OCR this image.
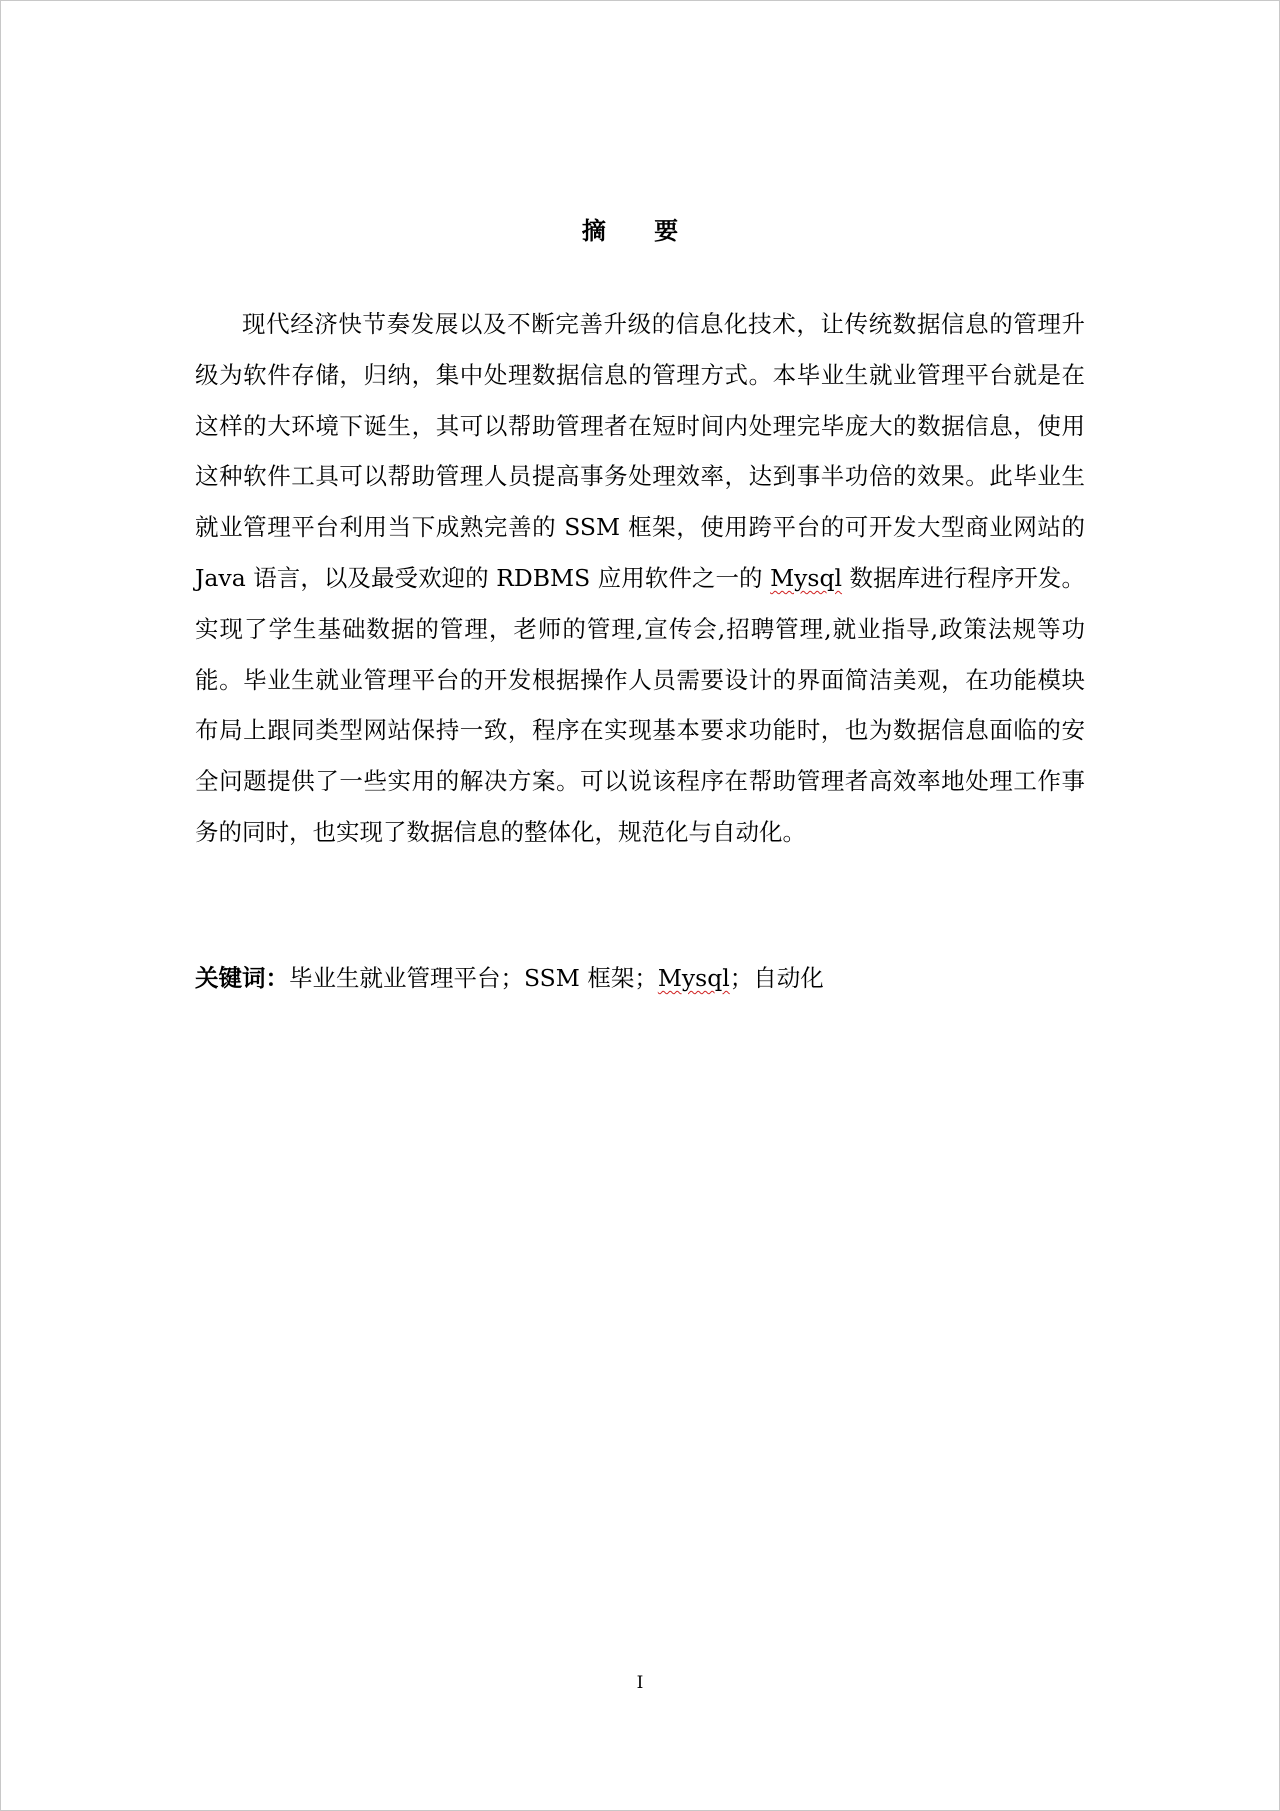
摘 要

现代经济快节奏发展以及不断完善升级的信息化技术，让传统数据信息的管理升级为软件存储，归纳，集中处理数据信息的管理方式。本毕业生就业管理平台就是在这样的大环境下诞生，其可以帮助管理者在短时间内处理完毕庞大的数据信息，使用这种软件工具可以帮助管理人员提高事务处理效率，达到事半功倍的效果。此毕业生就业管理平台利用当下成熟完善的 SSM 框架，使用跨平台的可开发大型商业网站的 Java 语言，以及最受欢迎的 RDBMS 应用软件之一的 Mysql 数据库进行程序开发。实现了学生基础数据的管理，老师的管理,宣传会,招聘管理,就业指导,政策法规等功能。毕业生就业管理平台的开发根据操作人员需要设计的界面简洁美观，在功能模块布局上跟同类型网站保持一致，程序在实现基本要求功能时，也为数据信息面临的安全问题提供了一些实用的解决方案。可以说该程序在帮助管理者高效率地处理工作事务的同时，也实现了数据信息的整体化，规范化与自动化。

关键词：毕业生就业管理平台；SSM 框架；Mysql；自动化
I
